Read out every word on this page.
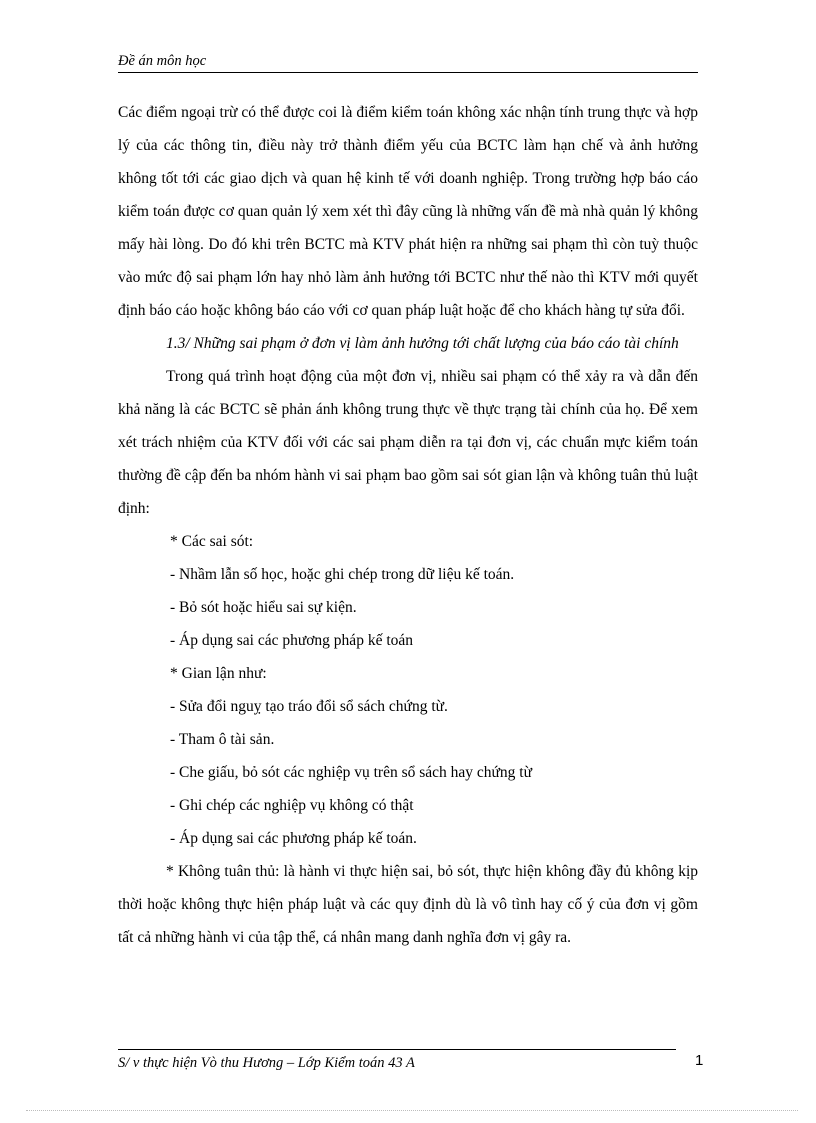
Đề án môn học

Các điểm ngoại trừ có thể được coi là điểm kiểm toán không xác nhận tính trung thực và hợp lý của các thông tin, điều này trở thành điểm yếu của BCTC làm hạn chế và ảnh hưởng không tốt tới các giao dịch và quan hệ kinh tế với doanh nghiệp. Trong trường hợp báo cáo kiểm toán được cơ quan quản lý xem xét thì đây cũng là những vấn đề mà nhà quản lý không mấy hài lòng. Do đó khi trên BCTC mà KTV phát hiện ra những sai phạm thì còn tuỳ thuộc vào mức độ sai phạm lớn hay nhỏ làm ảnh hưởng tới BCTC như thế nào thì KTV mới quyết định báo cáo hoặc không báo cáo với cơ quan pháp luật hoặc để cho khách hàng tự sửa đổi.

1.3/ Những sai phạm ở đơn vị làm ảnh hưởng tới chất lượng của báo cáo tài chính

Trong quá trình hoạt động của một đơn vị, nhiều sai phạm có thể xảy ra và dẫn đến khả năng là các BCTC sẽ phản ánh không trung thực về thực trạng tài chính của họ. Để xem xét trách nhiệm của KTV đối với các sai phạm diễn ra tại đơn vị, các chuẩn mực kiểm toán thường đề cập đến ba nhóm hành vi sai phạm bao gồm sai sót gian lận và không tuân thủ luật định:

* Các sai sót:

- Nhầm lẫn số học, hoặc ghi chép trong dữ liệu kế toán.

- Bỏ sót hoặc hiểu sai sự kiện.

- Áp dụng sai các phương pháp kế toán

* Gian lận như:

- Sửa đổi nguỵ tạo tráo đổi sổ sách chứng từ.

- Tham ô tài sản.

- Che giấu, bỏ sót các nghiệp vụ trên sổ sách hay chứng từ

- Ghi chép các nghiệp vụ không có thật

- Áp dụng sai các phương pháp kế toán.

* Không tuân thủ: là hành vi thực hiện sai, bỏ sót, thực hiện không đầy đủ không kịp thời hoặc không thực hiện pháp luật và các quy định dù là vô tình hay cố ý của đơn vị gồm tất cả những hành vi của tập thể, cá nhân mang danh nghĩa đơn vị gây ra.

S/ v thực hiện Vò thu Hương – Lớp Kiểm toán 43 A	1
